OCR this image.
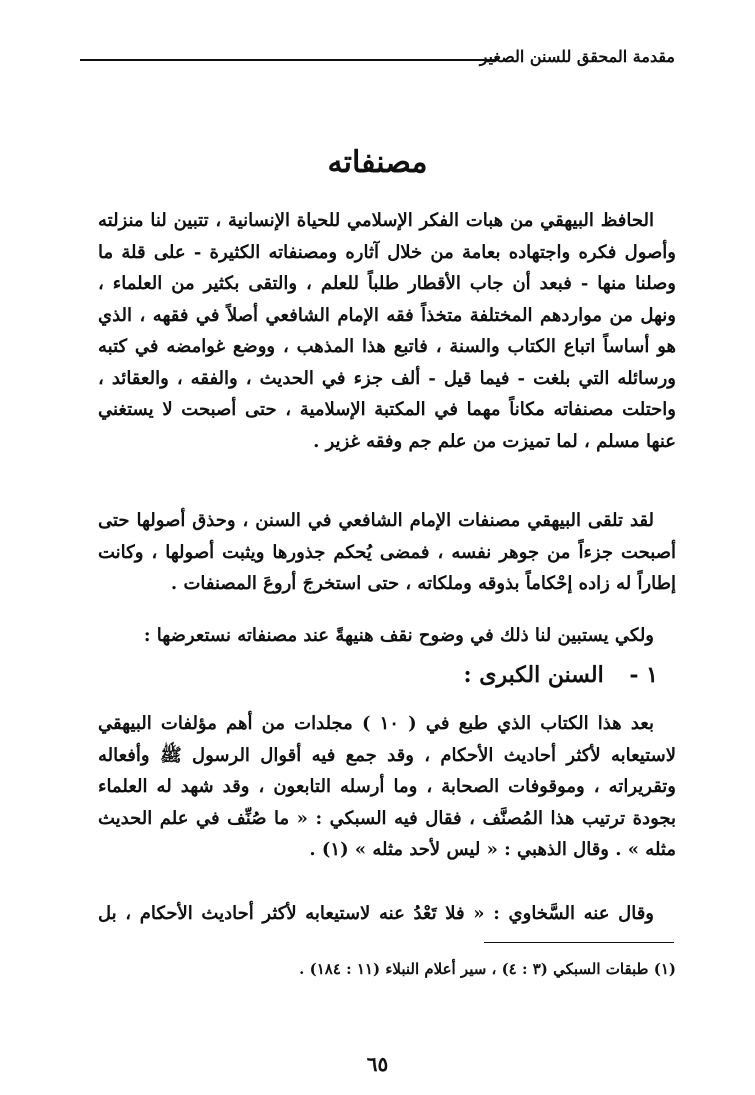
مقدمة المحقق للسنن الصغير
مصنفاته
الحافظ البيهقي من هبات الفكر الإسلامي للحياة الإنسانية ، تتبين لنا منزلته
وأصول فكره واجتهاده بعامة من خلال آثاره ومصنفاته الكثيرة - على قلة ما
وصلنا منها - فبعد أن جاب الأقطار طلباً للعلم ، والتقى بكثير من العلماء ،
ونهل من مواردهم المختلفة متخذاً فقه الإمام الشافعي أصلاً في فقهه ، الذي
هو أساساً اتباع الكتاب والسنة ، فاتبع هذا المذهب ، ووضع غوامضه في كتبه
ورسائله التي بلغت - فيما قيل - ألف جزء في الحديث ، والفقه ، والعقائد ،
واحتلت مصنفاته مكاناً مهما في المكتبة الإسلامية ، حتى أصبحت لا يستغني
عنها مسلم ، لما تميزت من علم جم وفقه غزير .
لقد تلقى البيهقي مصنفات الإمام الشافعي في السنن ، وحذق أصولها حتى
أصبحت جزءاً من جوهر نفسه ، فمضى يُحكم جذورها ويثبت أصولها ، وكانت
إطاراً له زاده إحْكاماً بذوقه وملكاته ، حتى استخرجَ أروعَ المصنفات .
ولكي يستبين لنا ذلك في وضوح نقف هنيهةً عند مصنفاته نستعرضها :
١ - السنن الكبرى :
بعد هذا الكتاب الذي طبع في ( ١٠ ) مجلدات من أهم مؤلفات البيهقي
لاستيعابه لأكثر أحاديث الأحكام ، وقد جمع فيه أقوال الرسول ﷺ وأفعاله
وتقريراته ، وموقوفات الصحابة ، وما أرسله التابعون ، وقد شهد له العلماء
بجودة ترتيب هذا المُصنَّف ، فقال فيه السبكي : « ما صُنِّف في علم الحديث
مثله » . وقال الذهبي : « ليس لأحد مثله » (١) .
وقال عنه السَّخاوي : « فلا تَعْدُ عنه لاستيعابه لأكثر أحاديث الأحكام ، بل
(١) طبقات السبكي (٣ : ٤) ، سير أعلام النبلاء (١١ : ١٨٤) .
٦٥
